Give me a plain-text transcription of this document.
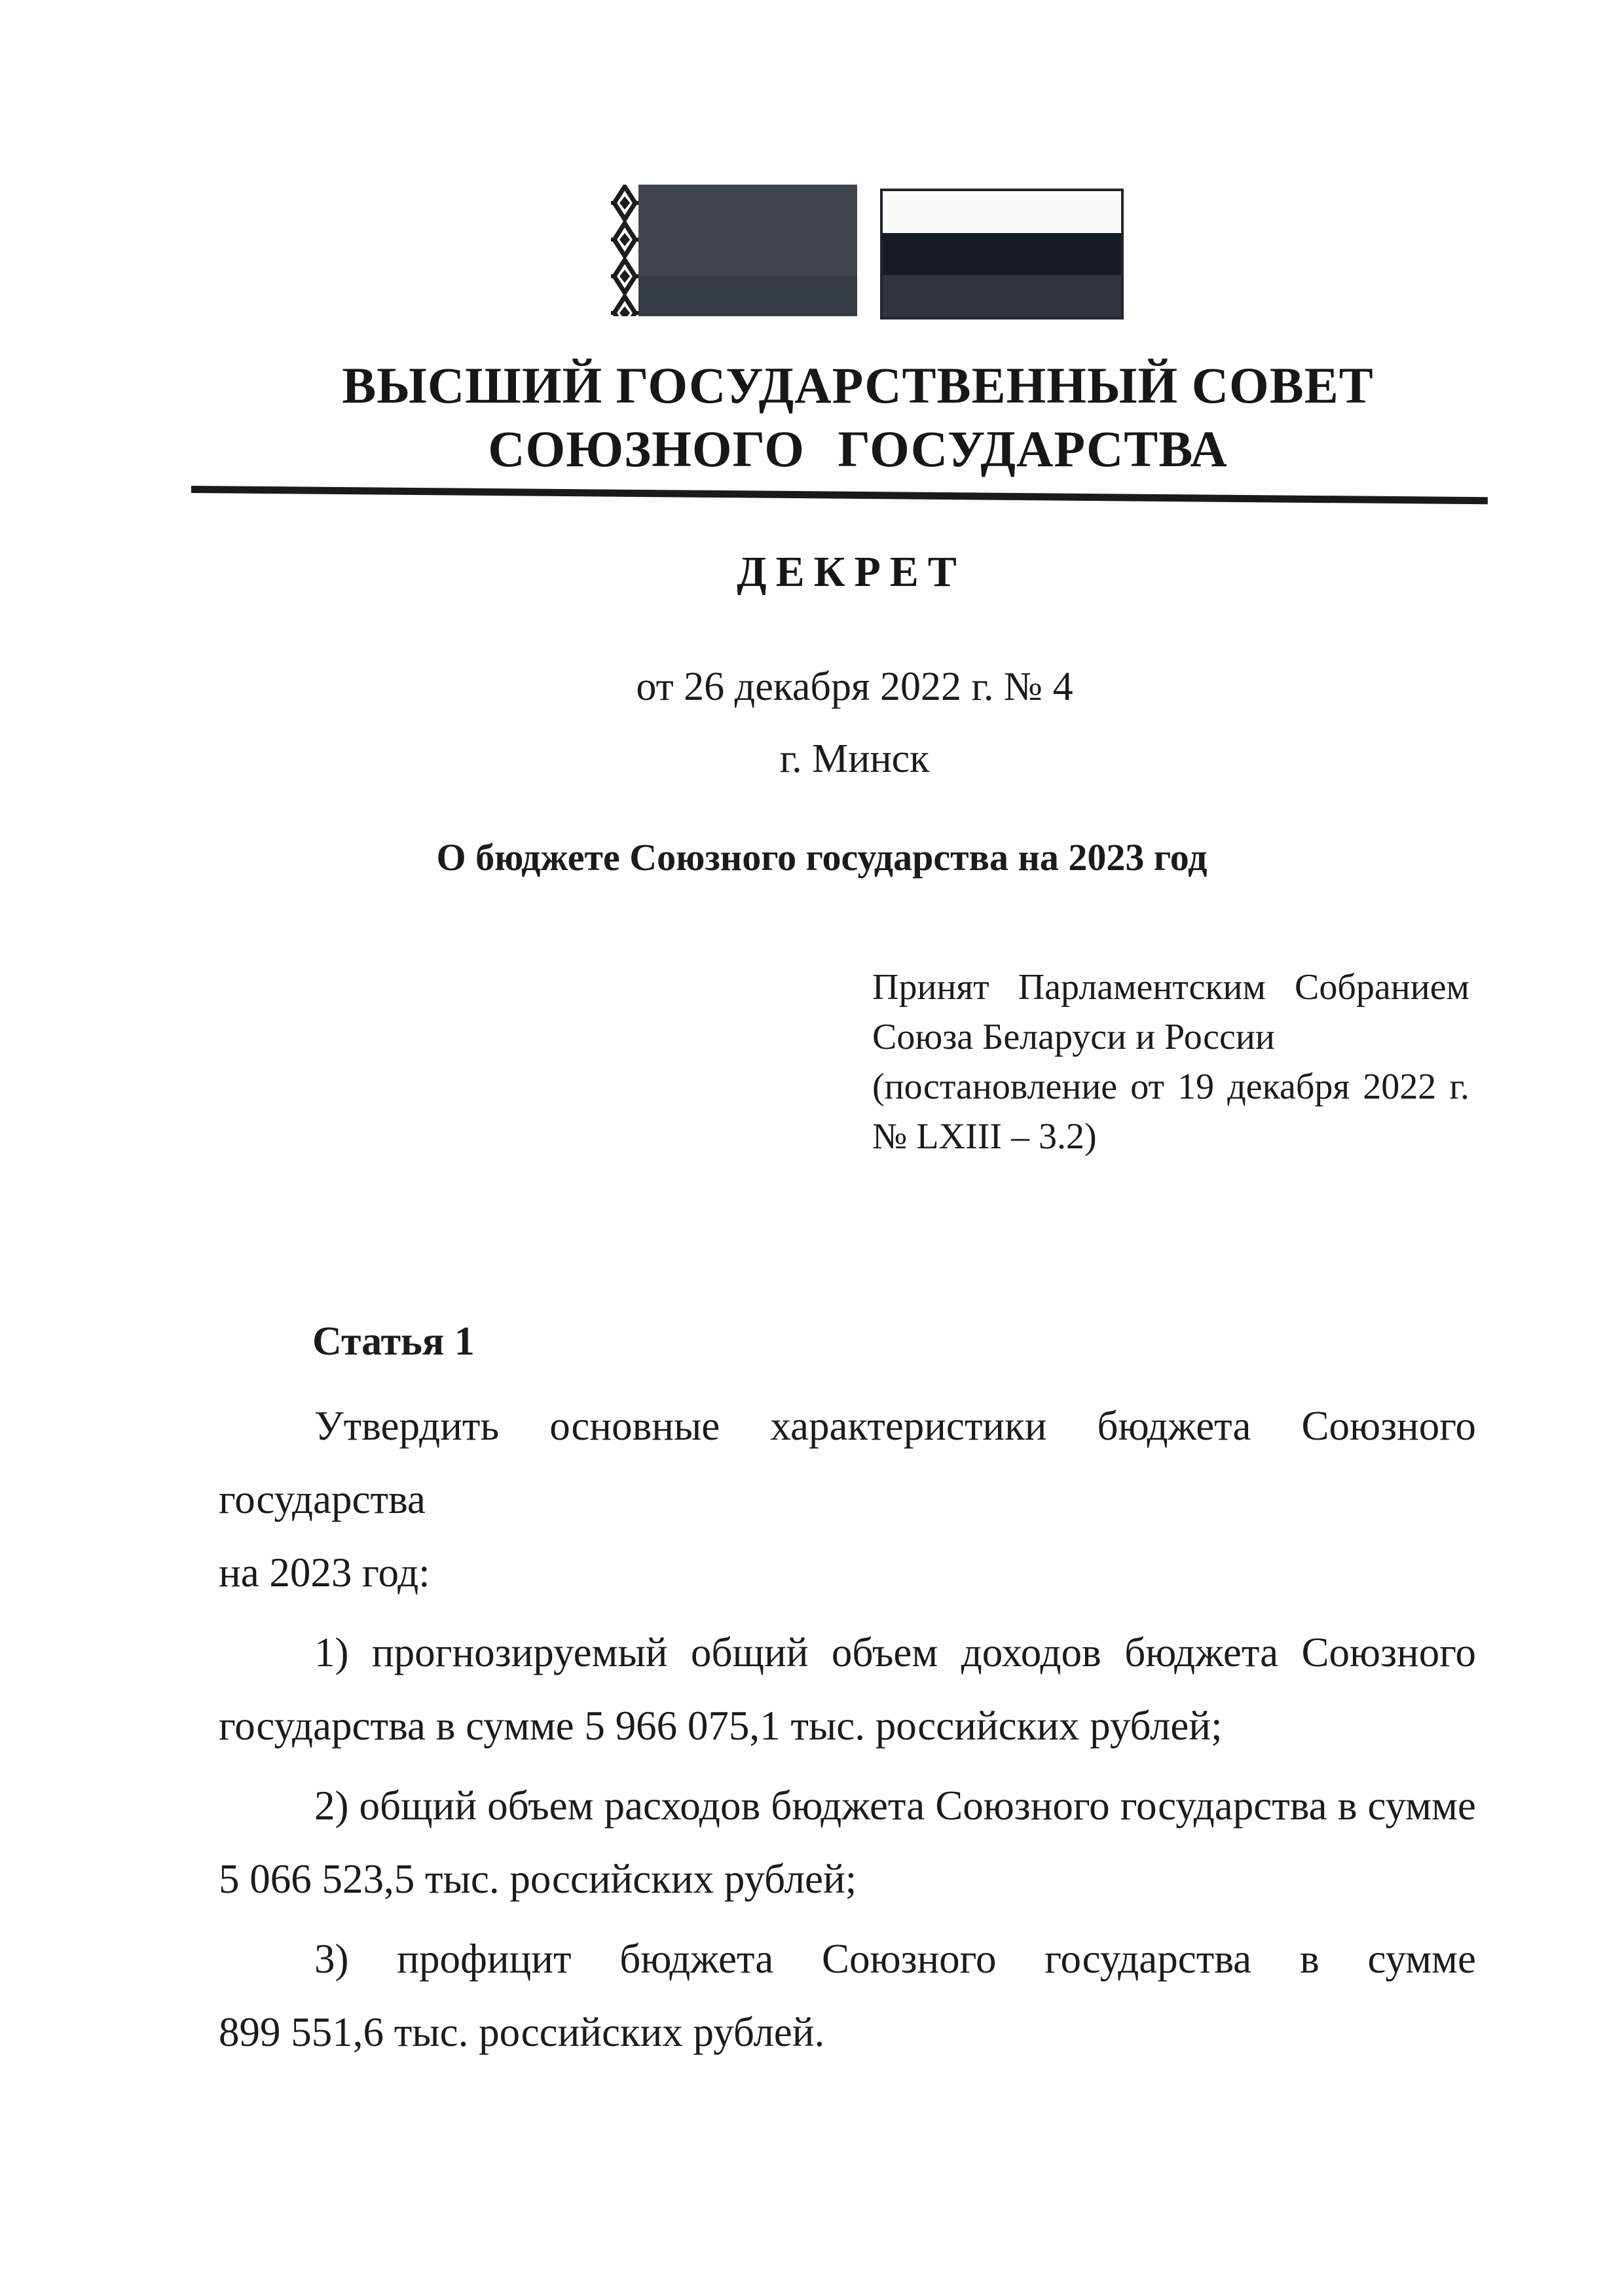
ВЫСШИЙ ГОСУДАРСТВЕННЫЙ СОВЕТ
СОЮЗНОГО ГОСУДАРСТВА
ДЕКРЕТ
от 26 декабря 2022 г. № 4
г. Минск
О бюджете Союзного государства на 2023 год
Принят Парламентским Собранием
Союза Беларуси и России
(постановление от 19 декабря 2022 г.
№ LXIII – 3.2)
Статья 1
Утвердить основные характеристики бюджета Союзного государства
на 2023 год:
1) прогнозируемый общий объем доходов бюджета Союзного
государства в сумме 5 966 075,1 тыс. российских рублей;
2) общий объем расходов бюджета Союзного государства в сумме
5 066 523,5 тыс. российских рублей;
3) профицит бюджета Союзного государства в сумме
899 551,6 тыс. российских рублей.
